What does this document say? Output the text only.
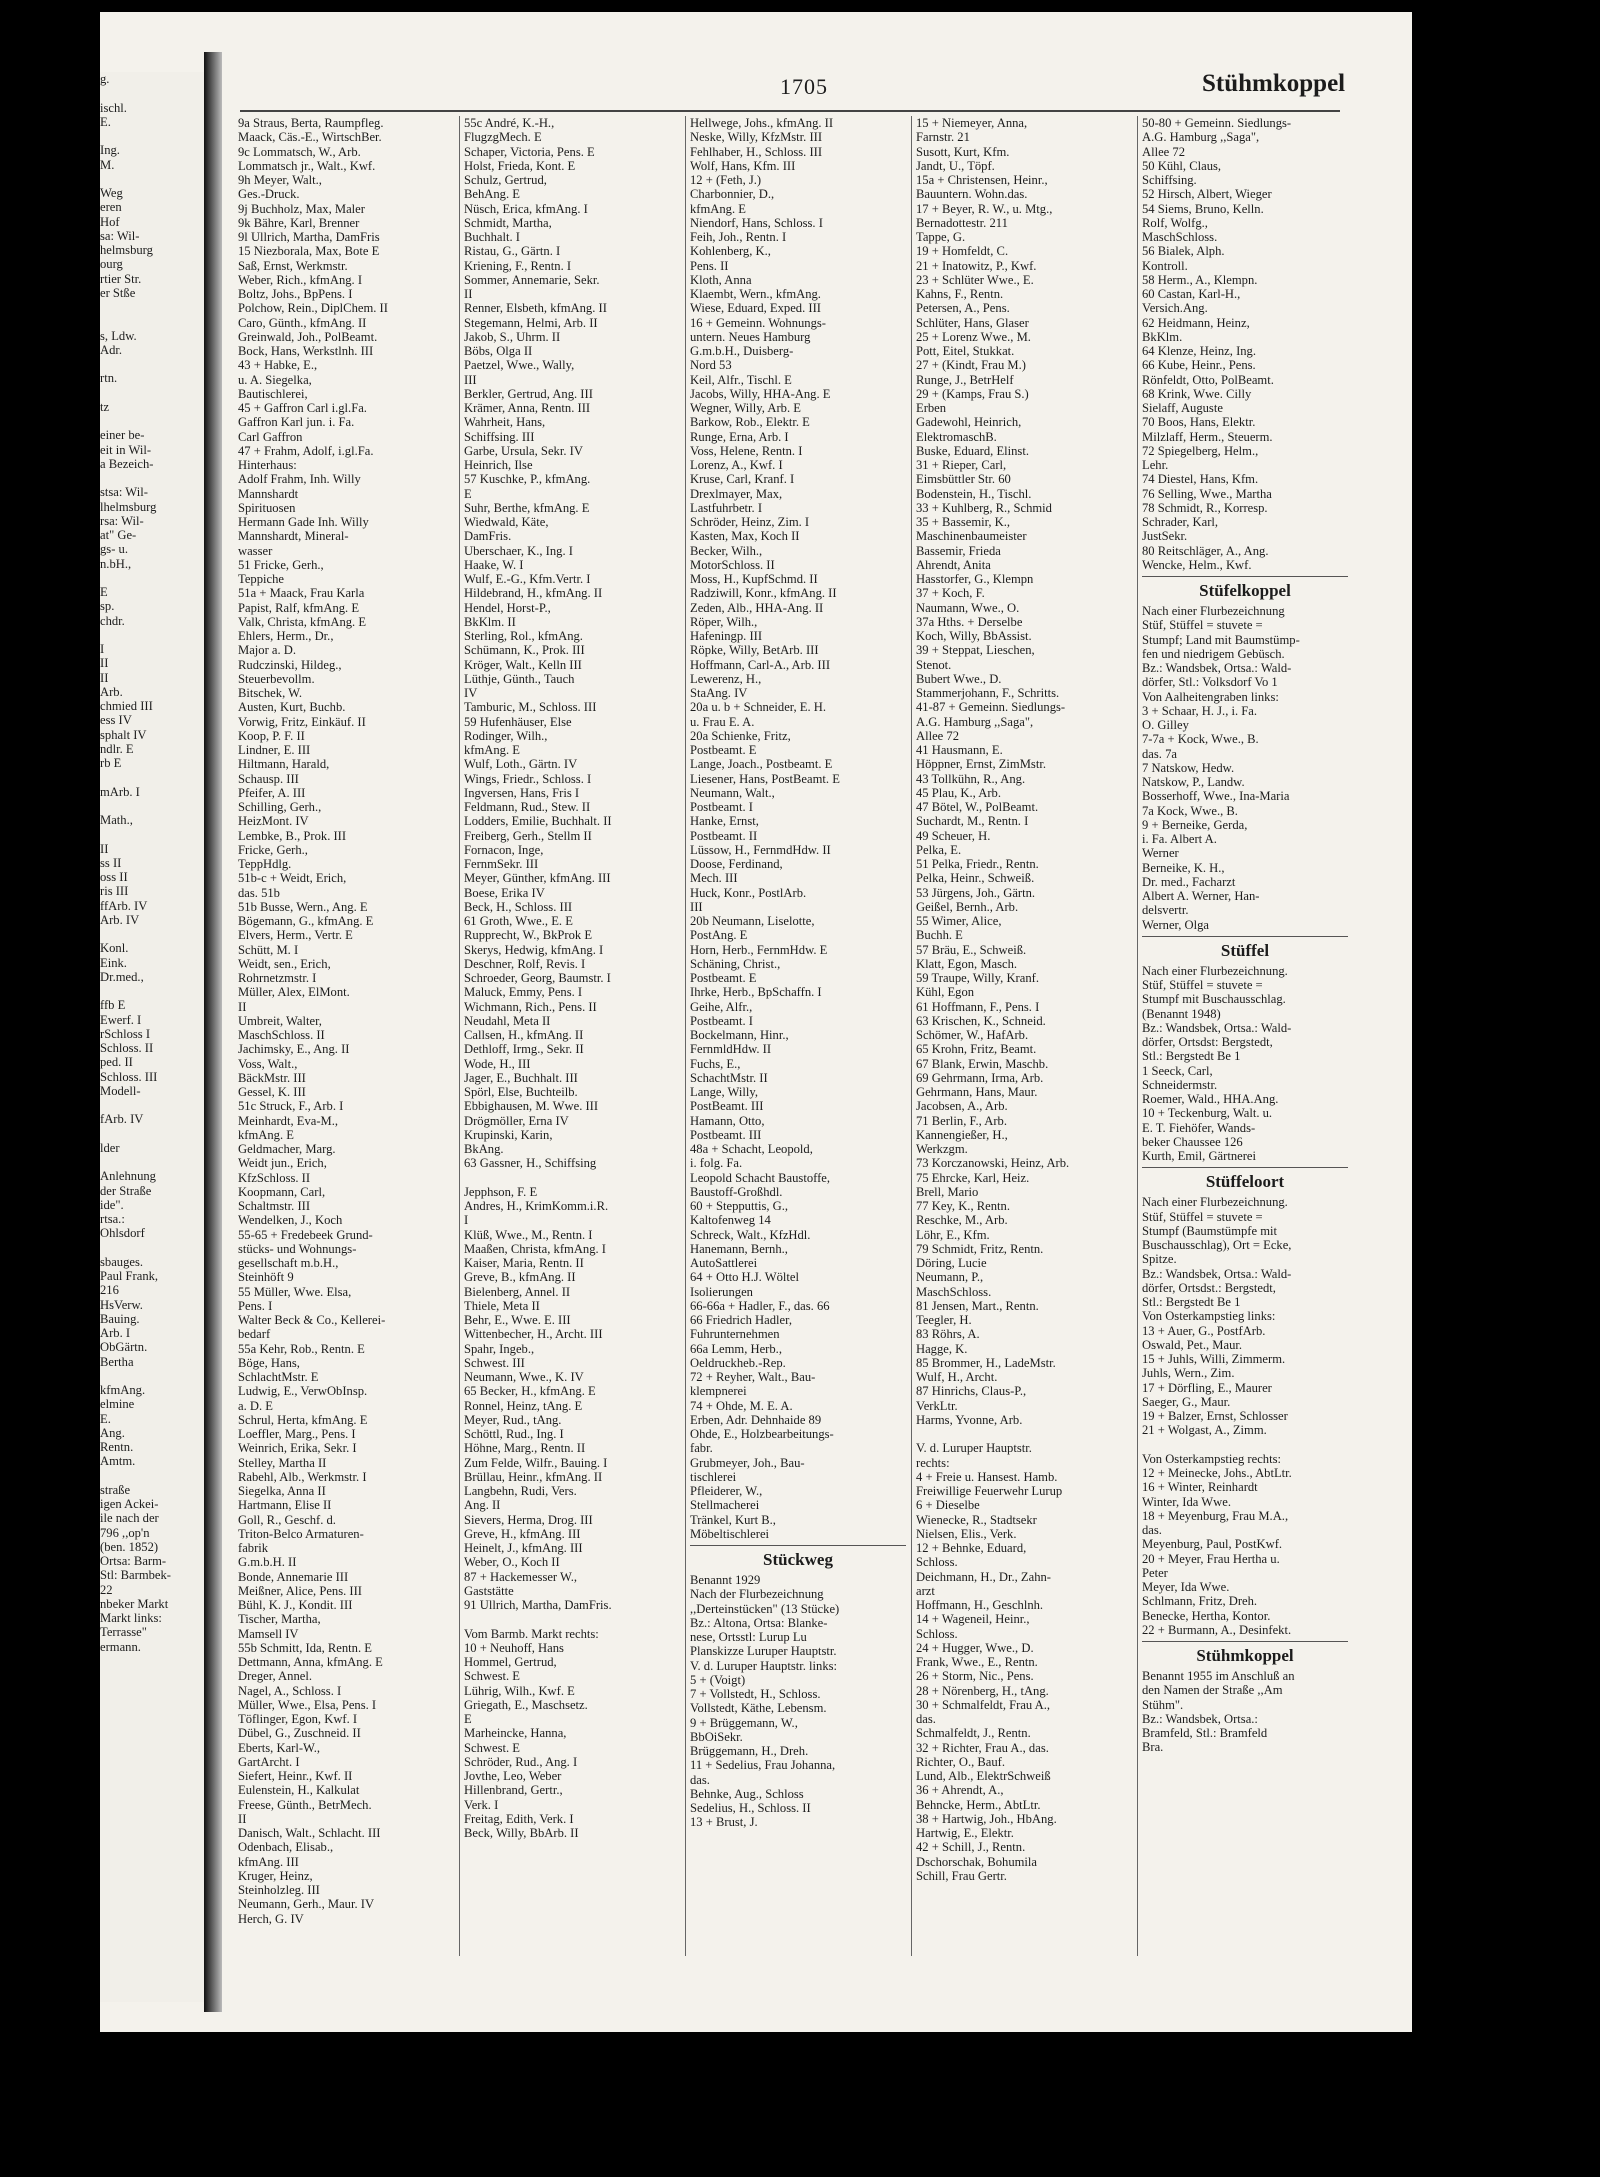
g.

ischl.
E.

Ing.
M.

Weg
eren
Hof
sa: Wil-
helmsburg
ourg
rtier Str.
er Stße

s, Ldw.
Adr.

rtn.

tz

einer be-
eit in Wil-
a Bezeich-

stsa: Wil-
lhelmsburg
rsa: Wil-
at" Ge-
gs- u.
n.bH.,

E
sp.
chdr.

I
II
II
Arb.
chmied III
ess IV
sphalt IV
ndlr. E
rb E

mArb. I

Math.,

II
ss II
oss II
ris III
ffArb. IV
Arb. IV

Konl.
Eink.
Dr.med.,

ffb E
Ewerf. I
rSchloss I
Schloss. II
ped. II
Schloss. III
Modell-

fArb. IV

lder

Anlehnung
der Straße
ide".
rtsa.:
Ohlsdorf

sbauges.
Paul Frank,
216
HsVerw.
Bauing.
Arb. I
ObGärtn.
Bertha

kfmAng.
elmine
E.
Ang.
Rentn.
Amtm.

straße
igen Ackei-
ile nach der
796 ,,op'n
(ben. 1852)
Ortsa: Barm-
Stl: Barmbek-
22
nbeker Markt
Markt links:
Terrasse"
ermann.
1705	Stühmkoppel
9a Straus, Berta, Raumpfleg.
Maack, Cäs.-E., WirtschBer.
9c Lommatsch, W., Arb.
Lommatsch jr., Walt., Kwf.
9h Meyer, Walt.,
Ges.-Druck.
9j Buchholz, Max, Maler
9k Bähre, Karl, Brenner
9l Ullrich, Martha, DamFris
15 Niezborala, Max, Bote E
Saß, Ernst, Werkmstr.
Weber, Rich., kfmAng. I
Boltz, Johs., BpPens. I
Polchow, Rein., DiplChem. II
Caro, Günth., kfmAng. II
Greinwald, Joh., PolBeamt.
Bock, Hans, Werkstlnh. III
43 + Habke, E.,
u. A. Siegelka,
Bautischlerei,
45 + Gaffron Carl i.gl.Fa.
Gaffron Karl jun. i. Fa.
Carl Gaffron
47 + Frahm, Adolf, i.gl.Fa.
Hinterhaus:
Adolf Frahm, Inh. Willy
Mannshardt
Spirituosen
Hermann Gade Inh. Willy
Mannshardt, Mineral-
wasser
51 Fricke, Gerh.,
Teppiche
51a + Maack, Frau Karla
Papist, Ralf, kfmAng. E
Valk, Christa, kfmAng. E
Ehlers, Herm., Dr.,
Major a. D.
Rudczinski, Hildeg.,
Steuerbevollm.
Bitschek, W.
Austen, Kurt, Buchb.
Vorwig, Fritz, Einkäuf. II
Koop, P. F. II
Lindner, E. III
Hiltmann, Harald,
Schausp. III
Pfeifer, A. III
Schilling, Gerh.,
HeizMont. IV
Lembke, B., Prok. III
Fricke, Gerh.,
TeppHdlg.
51b-c + Weidt, Erich,
das. 51b
51b Busse, Wern., Ang. E
Bögemann, G., kfmAng. E
Elvers, Herm., Vertr. E
Schütt, M. I
Weidt, sen., Erich,
Rohrnetzmstr. I
Müller, Alex, ElMont.
II
Umbreit, Walter,
MaschSchloss. II
Jachimsky, E., Ang. II
Voss, Walt.,
BäckMstr. III
Gessel, K. III
51c Struck, F., Arb. I
Meinhardt, Eva-M.,
kfmAng. E
Geldmacher, Marg.
Weidt jun., Erich,
KfzSchloss. II
Koopmann, Carl,
Schaltmstr. III
Wendelken, J., Koch
55-65 + Fredebeek Grund-
stücks- und Wohnungs-
gesellschaft m.b.H.,
Steinhöft 9
55 Müller, Wwe. Elsa,
Pens. I
Walter Beck & Co., Kellerei-
bedarf
55a Kehr, Rob., Rentn. E
Böge, Hans,
SchlachtMstr. E
Ludwig, E., VerwObInsp.
a. D. E
Schrul, Herta, kfmAng. E
Loeffler, Marg., Pens. I
Weinrich, Erika, Sekr. I
Stelley, Martha II
Rabehl, Alb., Werkmstr. I
Siegelka, Anna II
Hartmann, Elise II
Goll, R., Geschf. d.
Triton-Belco Armaturen-
fabrik
G.m.b.H. II
Bonde, Annemarie III
Meißner, Alice, Pens. III
Bühl, K. J., Kondit. III
Tischer, Martha,
Mamsell IV
55b Schmitt, Ida, Rentn. E
Dettmann, Anna, kfmAng. E
Dreger, Annel.
Nagel, A., Schloss. I
Müller, Wwe., Elsa, Pens. I
Töflinger, Egon, Kwf. I
Dübel, G., Zuschneid. II
Eberts, Karl-W.,
GartArcht. I
Siefert, Heinr., Kwf. II
Eulenstein, H., Kalkulat
Freese, Günth., BetrMech.
II
Danisch, Walt., Schlacht. III
Odenbach, Elisab.,
kfmAng. III
Kruger, Heinz,
Steinholzleg. III
Neumann, Gerh., Maur. IV
Herch, G. IV
55c André, K.-H.,
FlugzgMech. E
Schaper, Victoria, Pens. E
Holst, Frieda, Kont. E
Schulz, Gertrud,
BehAng. E
Nüsch, Erica, kfmAng. I
Schmidt, Martha,
Buchhalt. I
Ristau, G., Gärtn. I
Kriening, F., Rentn. I
Sommer, Annemarie, Sekr.
II
Renner, Elsbeth, kfmAng. II
Stegemann, Helmi, Arb. II
Jakob, S., Uhrm. II
Böbs, Olga II
Paetzel, Wwe., Wally,
III
Berkler, Gertrud, Ang. III
Krämer, Anna, Rentn. III
Wahrheit, Hans,
Schiffsing. III
Garbe, Ursula, Sekr. IV
Heinrich, Ilse
57 Kuschke, P., kfmAng.
E
Suhr, Berthe, kfmAng. E
Wiedwald, Käte,
DamFris.
Uberschaer, K., Ing. I
Haake, W. I
Wulf, E.-G., Kfm.Vertr. I
Hildebrand, H., kfmAng. II
Hendel, Horst-P.,
BkKlm. II
Sterling, Rol., kfmAng.
Schümann, K., Prok. III
Kröger, Walt., Kelln III
Lüthje, Günth., Tauch
IV
Tamburic, M., Schloss. III
59 Hufenhäuser, Else
Rodinger, Wilh.,
kfmAng. E
Wulf, Loth., Gärtn. IV
Wings, Friedr., Schloss. I
Ingversen, Hans, Fris I
Feldmann, Rud., Stew. II
Lodders, Emilie, Buchhalt. II
Freiberg, Gerh., Stellm II
Fornacon, Inge,
FernmSekr. III
Meyer, Günther, kfmAng. III
Boese, Erika IV
Beck, H., Schloss. III
61 Groth, Wwe., E. E
Rupprecht, W., BkProk E
Skerys, Hedwig, kfmAng. I
Deschner, Rolf, Revis. I
Schroeder, Georg, Baumstr. I
Maluck, Emmy, Pens. I
Wichmann, Rich., Pens. II
Neudahl, Meta II
Callsen, H., kfmAng. II
Dethloff, Irmg., Sekr. II
Wode, H., III
Jager, E., Buchhalt. III
Spörl, Else, Buchteilb.
Ebbighausen, M. Wwe. III
Drögmöller, Erna IV
Krupinski, Karin,
BkAng.
63 Gassner, H., Schiffsing

Jepphson, F. E
Andres, H., KrimKomm.i.R.
I
Klüß, Wwe., M., Rentn. I
Maaßen, Christa, kfmAng. I
Kaiser, Maria, Rentn. II
Greve, B., kfmAng. II
Bielenberg, Annel. II
Thiele, Meta II
Behr, E., Wwe. E. III
Wittenbecher, H., Archt. III
Spahr, Ingeb.,
Schwest. III
Neumann, Wwe., K. IV
65 Becker, H., kfmAng. E
Ronnel, Heinz, tAng. E
Meyer, Rud., tAng.
Schöttl, Rud., Ing. I
Höhne, Marg., Rentn. II
Zum Felde, Wilfr., Bauing. I
Brüllau, Heinr., kfmAng. II
Langbehn, Rudi, Vers.
Ang. II
Sievers, Herma, Drog. III
Greve, H., kfmAng. III
Heinelt, J., kfmAng. III
Weber, O., Koch II
87 + Hackemesser W.,
Gaststätte
91 Ullrich, Martha, DamFris.

Vom Barmb. Markt rechts:
10 + Neuhoff, Hans
Hommel, Gertrud,
Schwest. E
Lührig, Wilh., Kwf. E
Griegath, E., Maschsetz.
E
Marheincke, Hanna,
Schwest. E
Schröder, Rud., Ang. I
Jovthe, Leo, Weber
Hillenbrand, Gertr.,
Verk. I
Freitag, Edith, Verk. I
Beck, Willy, BbArb. II
Hellwege, Johs., kfmAng. II
Neske, Willy, KfzMstr. III
Fehlhaber, H., Schloss. III
Wolf, Hans, Kfm. III
12 + (Feth, J.)
Charbonnier, D.,
kfmAng. E
Niendorf, Hans, Schloss. I
Feih, Joh., Rentn. I
Kohlenberg, K.,
Pens. II
Kloth, Anna
Klaembt, Wern., kfmAng.
Wiese, Eduard, Exped. III
16 + Gemeinn. Wohnungs-
untern. Neues Hamburg
G.m.b.H., Duisberg-
Nord 53
Keil, Alfr., Tischl. E
Jacobs, Willy, HHA-Ang. E
Wegner, Willy, Arb. E
Barkow, Rob., Elektr. E
Runge, Erna, Arb. I
Voss, Helene, Rentn. I
Lorenz, A., Kwf. I
Kruse, Carl, Kranf. I
Drexlmayer, Max,
Lastfuhrbetr. I
Schröder, Heinz, Zim. I
Kasten, Max, Koch II
Becker, Wilh.,
MotorSchloss. II
Moss, H., KupfSchmd. II
Radziwill, Konr., kfmAng. II
Zeden, Alb., HHA-Ang. II
Röper, Wilh.,
Hafeningp. III
Röpke, Willy, BetArb. III
Hoffmann, Carl-A., Arb. III
Lewerenz, H.,
StaAng. IV
20a u. b + Schneider, E. H.
u. Frau E. A.
20a Schienke, Fritz,
Postbeamt. E
Lange, Joach., Postbeamt. E
Liesener, Hans, PostBeamt. E
Neumann, Walt.,
Postbeamt. I
Hanke, Ernst,
Postbeamt. II
Lüssow, H., FernmdHdw. II
Doose, Ferdinand,
Mech. III
Huck, Konr., PostlArb.
III
20b Neumann, Liselotte,
PostAng. E
Horn, Herb., FernmHdw. E
Schäning, Christ.,
Postbeamt. E
Ihrke, Herb., BpSchaffn. I
Geihe, Alfr.,
Postbeamt. I
Bockelmann, Hinr.,
FernmldHdw. II
Fuchs, E.,
SchachtMstr. II
Lange, Willy,
PostBeamt. III
Hamann, Otto,
Postbeamt. III
48a + Schacht, Leopold,
i. folg. Fa.
Leopold Schacht Baustoffe,
Baustoff-Großhdl.
60 + Stepputtis, G.,
Kaltofenweg 14
Schreck, Walt., KfzHdl.
Hanemann, Bernh.,
AutoSattlerei
64 + Otto H.J. Wöltel
Isolierungen
66-66a + Hadler, F., das. 66
66 Friedrich Hadler,
Fuhrunternehmen
66a Lemm, Herb.,
Oeldruckheb.-Rep.
72 + Reyher, Walt., Bau-
klempnerei
74 + Ohde, M. E. A.
Erben, Adr. Dehnhaide 89
Ohde, E., Holzbearbeitungs-
fabr.
Grubmeyer, Joh., Bau-
tischlerei
Pfleiderer, W.,
Stellmacherei
Tränkel, Kurt B.,
Möbeltischlerei
Stückweg
Benannt 1929
Nach der Flurbezeichnung
,,Derteinstücken" (13 Stücke)
Bz.: Altona, Ortsa: Blanke-
nese, Ortsstl: Lurup Lu
Planskizze Luruper Hauptstr.
V. d. Luruper Hauptstr. links:
5 + (Voigt)
7 + Vollstedt, H., Schloss.
Vollstedt, Käthe, Lebensm.
9 + Brüggemann, W.,
BbOiSekr.
Brüggemann, H., Dreh.
11 + Sedelius, Frau Johanna,
das.
Behnke, Aug., Schloss
Sedelius, H., Schloss. II
13 + Brust, J.
15 + Niemeyer, Anna,
Farnstr. 21
Susott, Kurt, Kfm.
Jandt, U., Töpf.
15a + Christensen, Heinr.,
Bauuntern. Wohn.das.
17 + Beyer, R. W., u. Mtg.,
Bernadottestr. 211
Tappe, G.
19 + Homfeldt, C.
21 + Inatowitz, P., Kwf.
23 + Schlüter Wwe., E.
Kahns, F., Rentn.
Petersen, A., Pens.
Schlüter, Hans, Glaser
25 + Lorenz Wwe., M.
Pott, Eitel, Stukkat.
27 + (Kindt, Frau M.)
Runge, J., BetrHelf
29 + (Kamps, Frau S.)
Erben
Gadewohl, Heinrich,
ElektromaschB.
Buske, Eduard, Elinst.
31 + Rieper, Carl,
Eimsbüttler Str. 60
Bodenstein, H., Tischl.
33 + Kuhlberg, R., Schmid
35 + Bassemir, K.,
Maschinenbaumeister
Bassemir, Frieda
Ahrendt, Anita
Hasstorfer, G., Klempn
37 + Koch, F.
Naumann, Wwe., O.
37a Hths. + Derselbe
Koch, Willy, BbAssist.
39 + Steppat, Lieschen,
Stenot.
Bubert Wwe., D.
Stammerjohann, F., Schritts.
41-87 + Gemeinn. Siedlungs-
A.G. Hamburg ,,Saga",
Allee 72
41 Hausmann, E.
Höppner, Ernst, ZimMstr.
43 Tollkühn, R., Ang.
45 Plau, K., Arb.
47 Bötel, W., PolBeamt.
Suchardt, M., Rentn. I
49 Scheuer, H.
Pelka, E.
51 Pelka, Friedr., Rentn.
Pelka, Heinr., Schweiß.
53 Jürgens, Joh., Gärtn.
Geißel, Bernh., Arb.
55 Wimer, Alice,
Buchh. E
57 Bräu, E., Schweiß.
Klatt, Egon, Masch.
59 Traupe, Willy, Kranf.
Kühl, Egon
61 Hoffmann, F., Pens. I
63 Krischen, K., Schneid.
Schömer, W., HafArb.
65 Krohn, Fritz, Beamt.
67 Blank, Erwin, Maschb.
69 Gehrmann, Irma, Arb.
Gehrmann, Hans, Maur.
Jacobsen, A., Arb.
71 Berlin, F., Arb.
Kannengießer, H.,
Werkzgm.
73 Korczanowski, Heinz, Arb.
75 Ehrcke, Karl, Heiz.
Brell, Mario
77 Key, K., Rentn.
Reschke, M., Arb.
Löhr, E., Kfm.
79 Schmidt, Fritz, Rentn.
Döring, Lucie
Neumann, P.,
MaschSchloss.
81 Jensen, Mart., Rentn.
Teegler, H.
83 Röhrs, A.
Hagge, K.
85 Brommer, H., LadeMstr.
Wulf, H., Archt.
87 Hinrichs, Claus-P.,
VerkLtr.
Harms, Yvonne, Arb.

V. d. Luruper Hauptstr.
rechts:
4 + Freie u. Hansest. Hamb.
Freiwillige Feuerwehr Lurup
6 + Dieselbe
Wienecke, R., Stadtsekr
Nielsen, Elis., Verk.
12 + Behnke, Eduard,
Schloss.
Deichmann, H., Dr., Zahn-
arzt
Hoffmann, H., Geschlnh.
14 + Wageneil, Heinr.,
Schloss.
24 + Hugger, Wwe., D.
Frank, Wwe., E., Rentn.
26 + Storm, Nic., Pens.
28 + Nörenberg, H., tAng.
30 + Schmalfeldt, Frau A.,
das.
Schmalfeldt, J., Rentn.
32 + Richter, Frau A., das.
Richter, O., Bauf.
Lund, Alb., ElektrSchweiß
36 + Ahrendt, A.,
Behncke, Herm., AbtLtr.
38 + Hartwig, Joh., HbAng.
Hartwig, E., Elektr.
42 + Schill, J., Rentn.
Dschorschak, Bohumila
Schill, Frau Gertr.
50-80 + Gemeinn. Siedlungs-
A.G. Hamburg ,,Saga",
Allee 72
50 Kühl, Claus,
Schiffsing.
52 Hirsch, Albert, Wieger
54 Siems, Bruno, Kelln.
Rolf, Wolfg.,
MaschSchloss.
56 Bialek, Alph.
Kontroll.
58 Herm., A., Klempn.
60 Castan, Karl-H.,
Versich.Ang.
62 Heidmann, Heinz,
BkKlm.
64 Klenze, Heinz, Ing.
66 Kube, Heinr., Pens.
Rönfeldt, Otto, PolBeamt.
68 Krink, Wwe. Cilly
Sielaff, Auguste
70 Boos, Hans, Elektr.
Milzlaff, Herm., Steuerm.
72 Spiegelberg, Helm.,
Lehr.
74 Diestel, Hans, Kfm.
76 Selling, Wwe., Martha
78 Schmidt, R., Korresp.
Schrader, Karl,
JustSekr.
80 Reitschläger, A., Ang.
Wencke, Helm., Kwf.
Stüfelkoppel
Nach einer Flurbezeichnung
Stüf, Stüffel = stuvete =
Stumpf; Land mit Baumstümp-
fen und niedrigem Gebüsch.
Bz.: Wandsbek, Ortsa.: Wald-
dörfer, Stl.: Volksdorf Vo 1
Von Aalheitengraben links:
3 + Schaar, H. J., i. Fa.
O. Gilley
7-7a + Kock, Wwe., B.
das. 7a
7 Natskow, Hedw.
Natskow, P., Landw.
Bosserhoff, Wwe., Ina-Maria
7a Kock, Wwe., B.
9 + Berneike, Gerda,
i. Fa. Albert A.
Werner
Berneike, K. H.,
Dr. med., Facharzt
Albert A. Werner, Han-
delsvertr.
Werner, Olga
Stüffel
Nach einer Flurbezeichnung.
Stüf, Stüffel = stuvete =
Stumpf mit Buschausschlag.
(Benannt 1948)
Bz.: Wandsbek, Ortsa.: Wald-
dörfer, Ortsdst: Bergstedt,
Stl.: Bergstedt Be 1
1 Seeck, Carl,
Schneidermstr.
Roemer, Wald., HHA.Ang.
10 + Teckenburg, Walt. u.
E. T. Fiehöfer, Wands-
beker Chaussee 126
Kurth, Emil, Gärtnerei
Stüffeloort
Nach einer Flurbezeichnung.
Stüf, Stüffel = stuvete =
Stumpf (Baumstümpfe mit
Buschausschlag), Ort = Ecke,
Spitze.
Bz.: Wandsbek, Ortsa.: Wald-
dörfer, Ortsdst.: Bergstedt,
Stl.: Bergstedt Be 1
Von Osterkampstieg links:
13 + Auer, G., PostfArb.
Oswald, Pet., Maur.
15 + Juhls, Willi, Zimmerm.
Juhls, Wern., Zim.
17 + Dörfling, E., Maurer
Saeger, G., Maur.
19 + Balzer, Ernst, Schlosser
21 + Wolgast, A., Zimm.

Von Osterkampstieg rechts:
12 + Meinecke, Johs., AbtLtr.
16 + Winter, Reinhardt
Winter, Ida Wwe.
18 + Meyenburg, Frau M.A.,
das.
Meyenburg, Paul, PostKwf.
20 + Meyer, Frau Hertha u.
Peter
Meyer, Ida Wwe.
Schlmann, Fritz, Dreh.
Benecke, Hertha, Kontor.
22 + Burmann, A., Desinfekt.
Stühmkoppel
Benannt 1955 im Anschluß an
den Namen der Straße ,,Am
Stühm".
Bz.: Wandsbek, Ortsa.:
Bramfeld, Stl.: Bramfeld
Bra.
